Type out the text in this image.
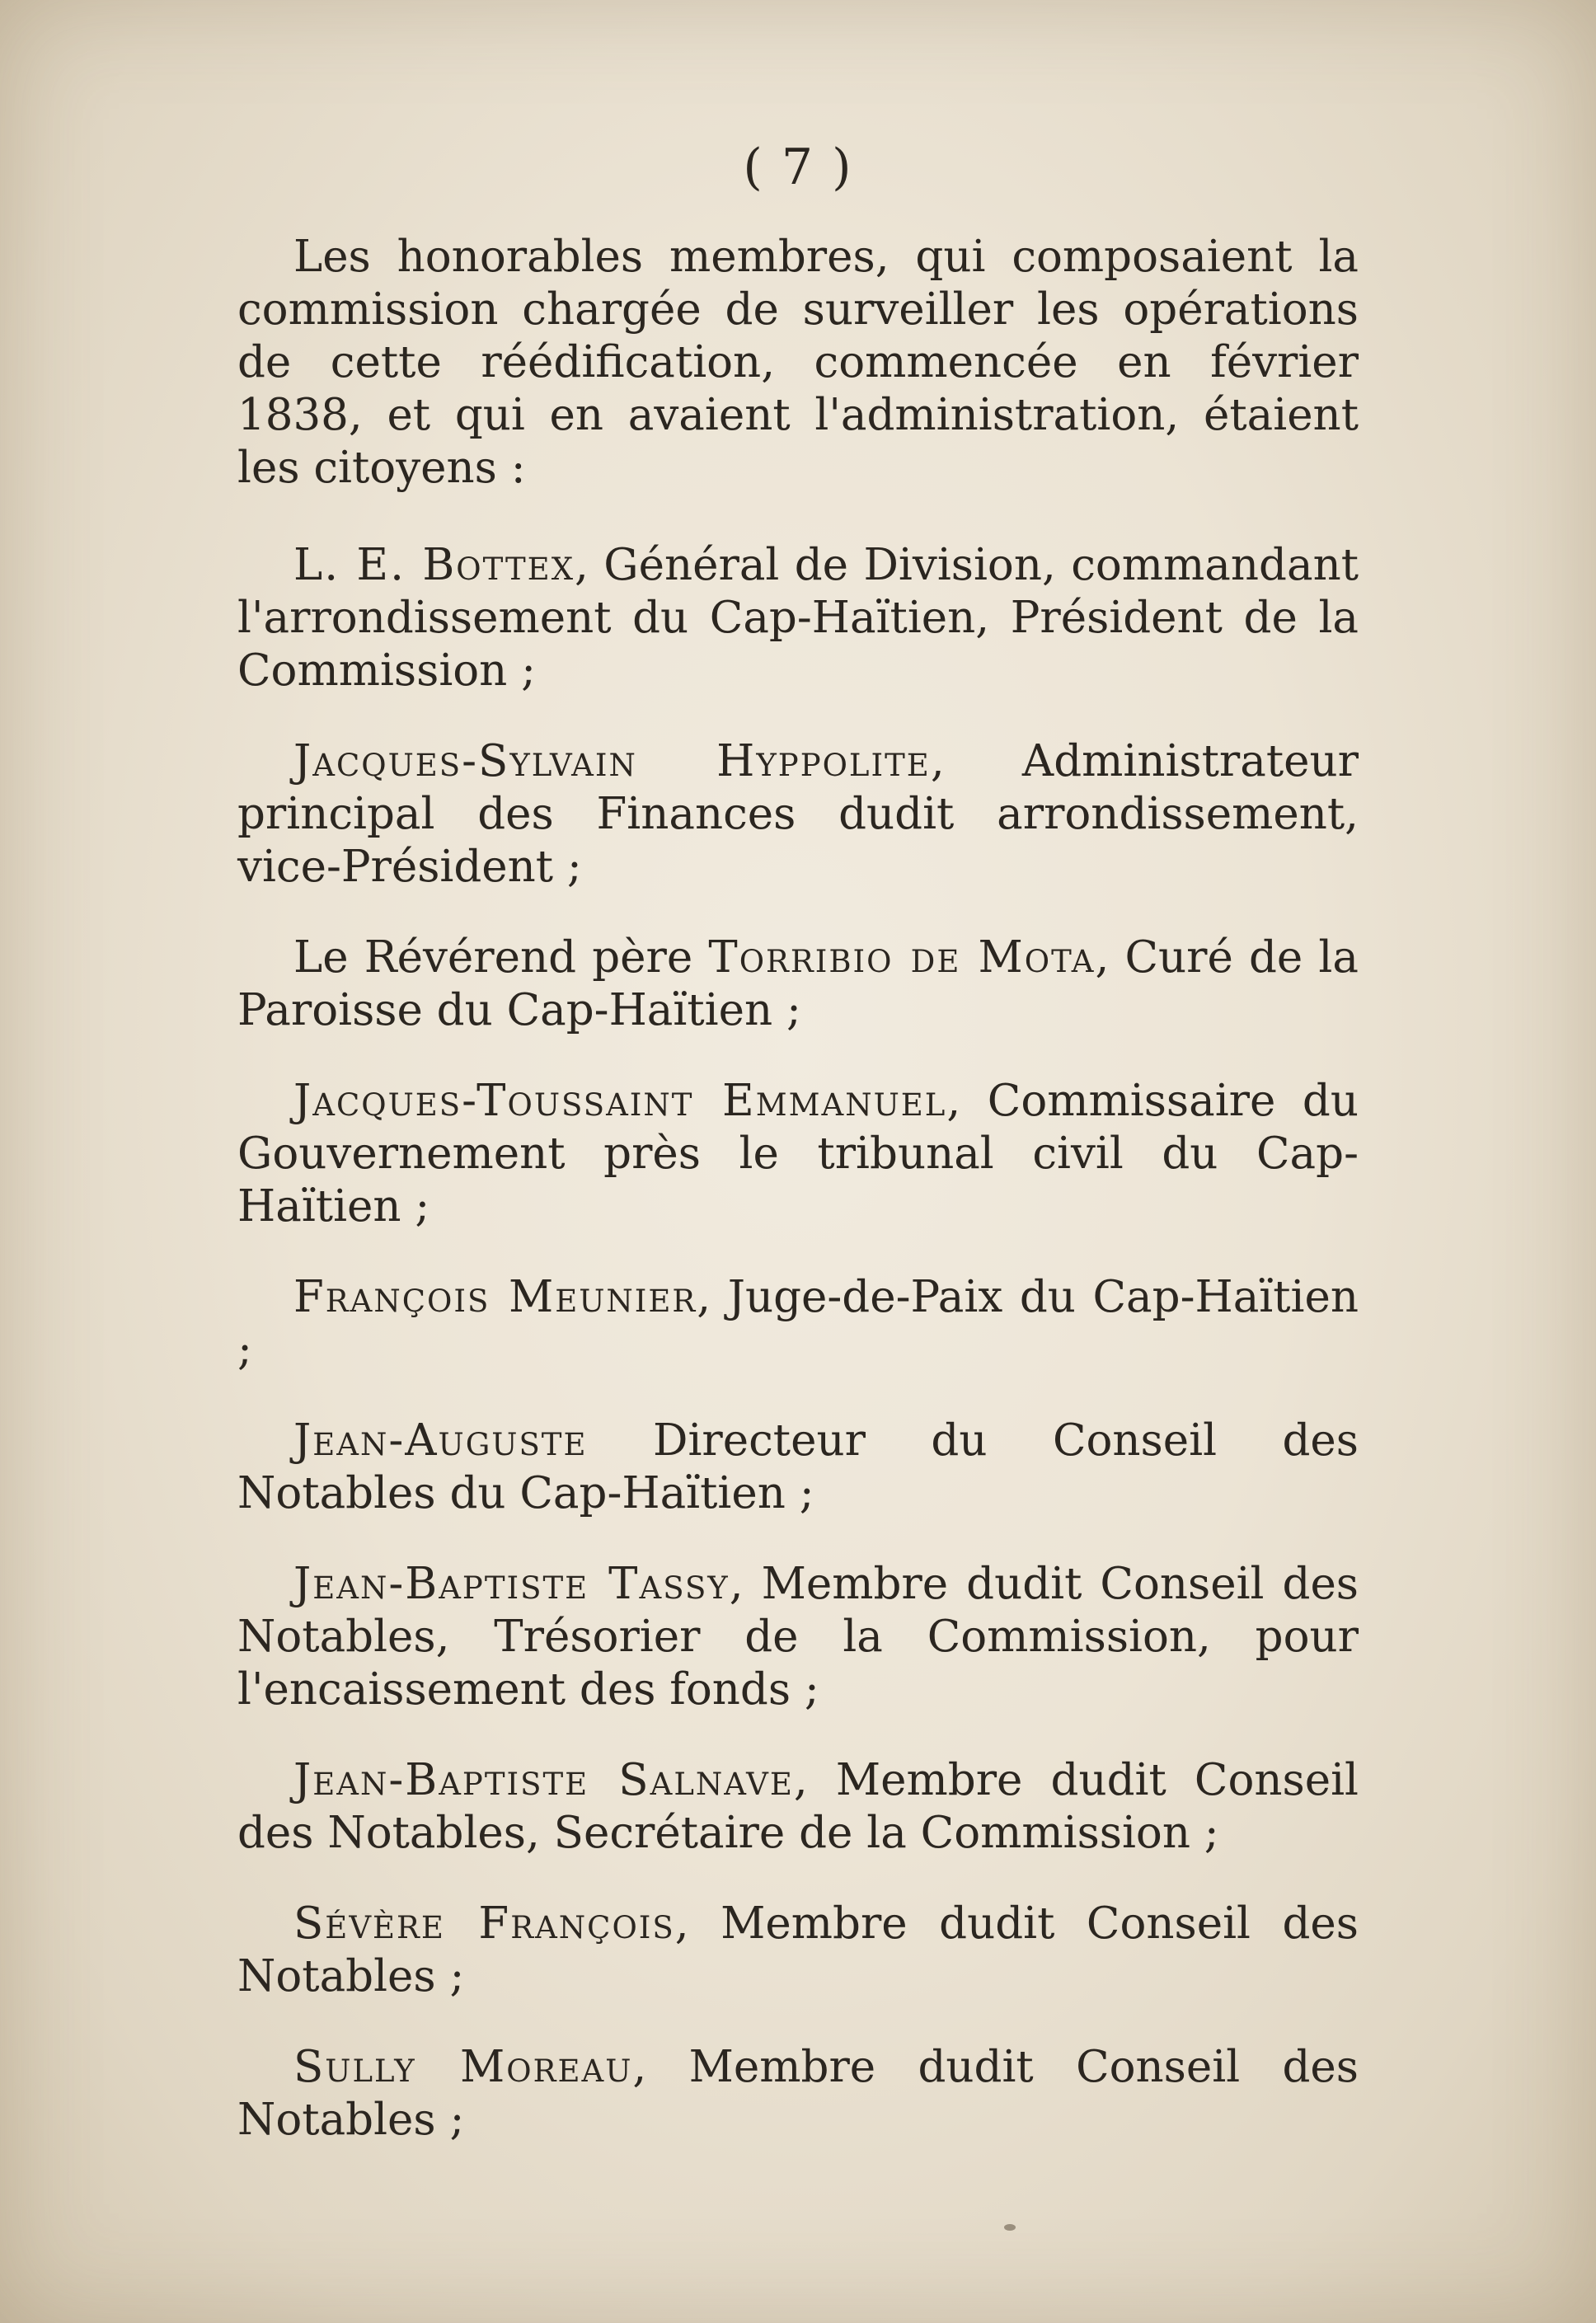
( 7 )

Les honorables membres, qui composaient la commission chargée de surveiller les opérations de cette réédification, commencée en février 1838, et qui en avaient l'administration, étaient les citoyens :

L. E. Bottex, Général de Division, commandant l'arrondissement du Cap-Haïtien, Président de la Commission ;

Jacques-Sylvain Hyppolite, Administrateur principal des Finances dudit arrondissement, vice-Président ;

Le Révérend père Torribio de Mota, Curé de la Paroisse du Cap-Haïtien ;

Jacques-Toussaint Emmanuel, Commissaire du Gouvernement près le tribunal civil du Cap-Haïtien ;

François Meunier, Juge-de-Paix du Cap-Haïtien ;

Jean-Auguste Directeur du Conseil des Notables du Cap-Haïtien ;

Jean-Baptiste Tassy, Membre dudit Conseil des Notables, Trésorier de la Commission, pour l'encaissement des fonds ;

Jean-Baptiste Salnave, Membre dudit Conseil des Notables, Secrétaire de la Commission ;

Sévère François, Membre dudit Conseil des Notables ;

Sully Moreau, Membre dudit Conseil des Notables ;
